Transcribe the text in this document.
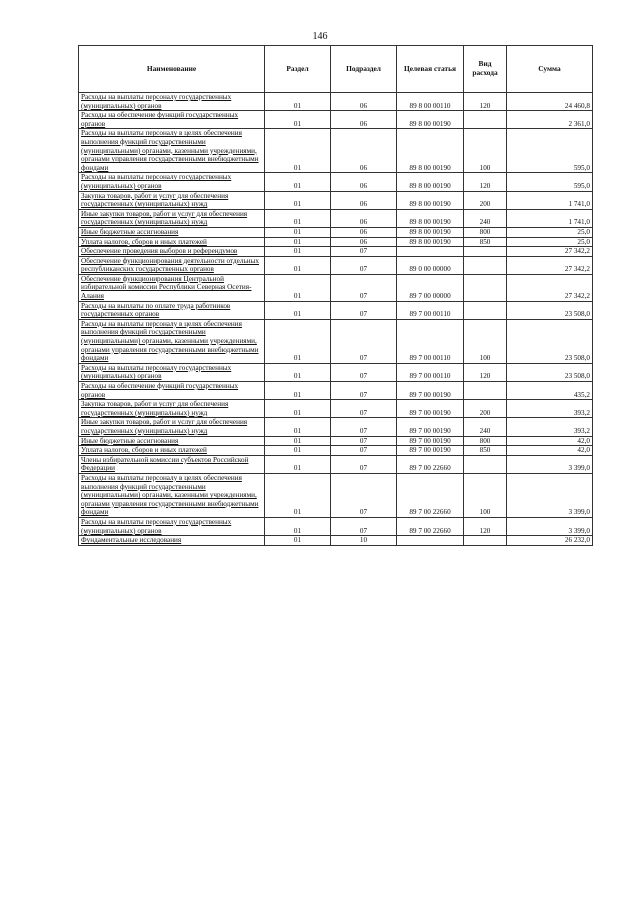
146
Наименование	Раздел	Подраздел	Целевая статья	Вид расхода	Сумма
Расходы на выплаты персоналу государственных (муниципальных) органов	01	06	89 8 00 00110	120	24 460,8
Расходы на обеспечение функций государственных органов	01	06	89 8 00 00190		2 361,0
Расходы на выплаты персоналу в целях обеспечения выполнения функций государственными (муниципальными) органами, казенными учреждениями, органами управления государственными внебюджетными фондами	01	06	89 8 00 00190	100	595,0
Расходы на выплаты персоналу государственных (муниципальных) органов	01	06	89 8 00 00190	120	595,0
Закупка товаров, работ и услуг для обеспечения государственных (муниципальных) нужд	01	06	89 8 00 00190	200	1 741,0
Иные закупки товаров, работ и услуг для обеспечения государственных (муниципальных) нужд	01	06	89 8 00 00190	240	1 741,0
Иные бюджетные ассигнования	01	06	89 8 00 00190	800	25,0
Уплата налогов, сборов и иных платежей	01	06	89 8 00 00190	850	25,0
Обеспечение проведения выборов и референдумов	01	07			27 342,2
Обеспечение функционирования деятельности отдельных республиканских государственных органов	01	07	89 0 00 00000		27 342,2
Обеспечение функционирования Центральной избирательной комиссии Республики Северная Осетия-Алания	01	07	89 7 00 00000		27 342,2
Расходы на выплаты по оплате труда работников государственных органов	01	07	89 7 00 00110		23 508,0
Расходы на выплаты персоналу в целях обеспечения выполнения функций государственными (муниципальными) органами, казенными учреждениями, органами управления государственными внебюджетными фондами	01	07	89 7 00 00110	100	23 508,0
Расходы на выплаты персоналу государственных (муниципальных) органов	01	07	89 7 00 00110	120	23 508,0
Расходы на обеспечение функций государственных органов	01	07	89 7 00 00190		435,2
Закупка товаров, работ и услуг для обеспечения государственных (муниципальных) нужд	01	07	89 7 00 00190	200	393,2
Иные закупки товаров, работ и услуг для обеспечения государственных (муниципальных) нужд	01	07	89 7 00 00190	240	393,2
Иные бюджетные ассигнования	01	07	89 7 00 00190	800	42,0
Уплата налогов, сборов и иных платежей	01	07	89 7 00 00190	850	42,0
Члены избирательной комиссии субъектов Российской Федерации	01	07	89 7 00 22660		3 399,0
Расходы на выплаты персоналу в целях обеспечения выполнения функций государственными (муниципальными) органами, казенными учреждениями, органами управления государственными внебюджетными фондами	01	07	89 7 00 22660	100	3 399,0
Расходы на выплаты персоналу государственных (муниципальных) органов	01	07	89 7 00 22660	120	3 399,0
Фундаментальные исследования	01	10			26 232,0
